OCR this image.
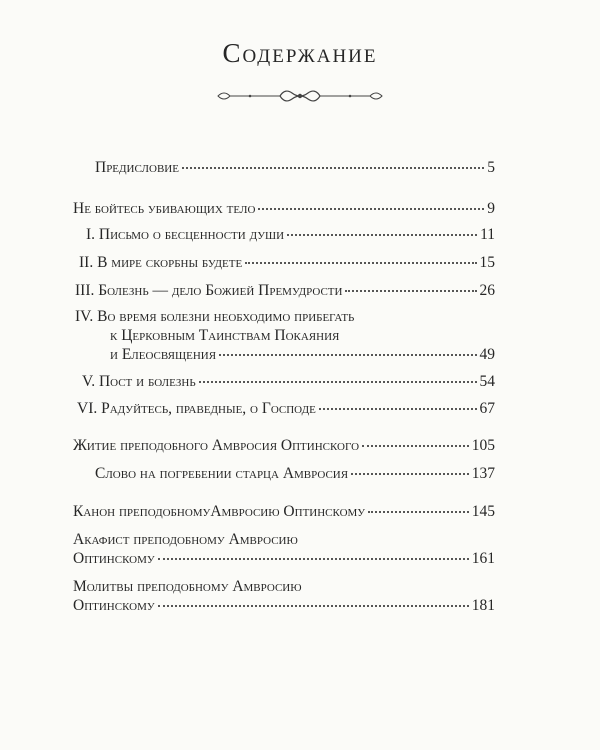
Содержание
Предисловие	5
Не бойтесь убивающих тело	9
I. Письмо о бесценности души	11
II. В мире скорбны будете	15
III. Болезнь — дело Божией Премудрости	26
IV. Во время болезни необходимо прибегать
к Церковным Таинствам Покаяния
и Елеосвящения	49
V. Пост и болезнь	54
VI. Радуйтесь, праведные, о Господе	67
Житие преподобного Амвросия Оптинского	105
Слово на погребении старца Амвросия	137
Канон преподобномуАмвросию Оптинскому	145
Акафист преподобному Амвросию
Оптинскому	161
Молитвы преподобному Амвросию
Оптинскому	181
